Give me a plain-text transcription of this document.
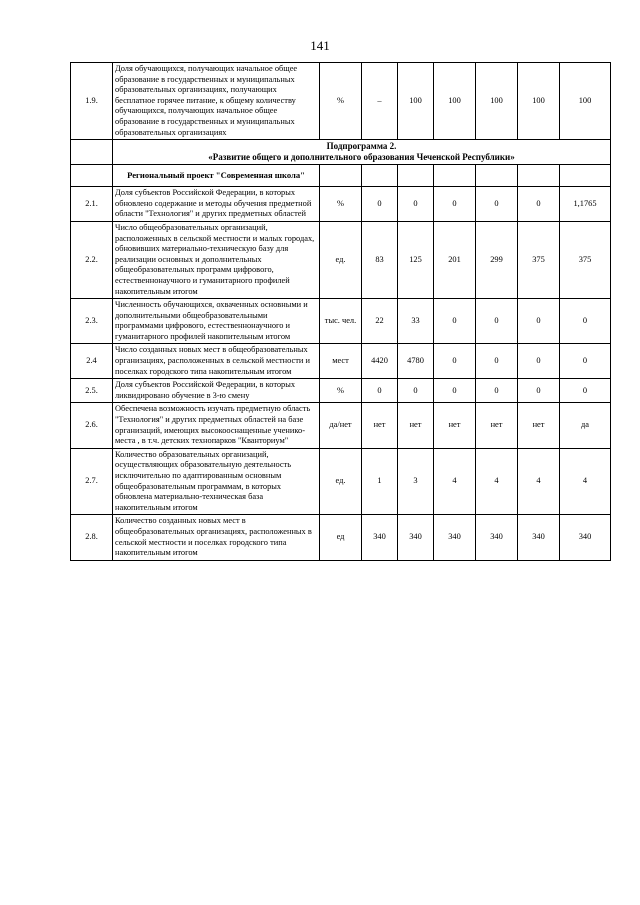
141
1.9.	Доля обучающихся, получающих начальное общее образование в государственных и муниципальных образовательных организациях, получающих бесплатное горячее питание, к общему количеству обучающихся, получающих начальное общее образование в государственных и муниципальных образовательных организациях	%	–	100	100	100	100	100

	Подпрограмма 2.
«Развитие общего и дополнительного образования Чеченской Республики»							

	Региональный проект "Современная школа"							
2.1.	Доля субъектов Российской Федерации, в которых обновлено содержание и методы обучения предметной области "Технология" и других предметных областей	%	0	0	0	0	0	1,1765
2.2.	Число общеобразовательных организаций, расположенных в сельской местности и малых городах, обновивших материально-техническую базу для реализации основных и дополнительных общеобразовательных программ цифрового, естественнонаучного и гуманитарного профилей накопительным итогом	ед.	83	125	201	299	375	375
2.3.	Численность обучающихся, охваченных основными и дополнительными общеобразовательными программами цифрового, естественнонаучного и гуманитарного профилей накопительным итогом	тыс. чел.	22	33	0	0	0	0
2.4	Число созданных новых мест в общеобразовательных организациях, расположенных в сельской местности и поселках городского типа накопительным итогом	мест	4420	4780	0	0	0	0
2.5.	Доля субъектов Российской Федерации, в которых ликвидировано обучение в 3-ю смену	%	0	0	0	0	0	0
2.6.	Обеспечена возможность изучать предметную область "Технология" и других предметных областей на базе организаций, имеющих высокооснащенные ученико-места , в т.ч. детских технопарков "Кванториум"	да/нет	нет	нет	нет	нет	нет	да
2.7.	Количество образовательных организаций, осуществляющих образовательную деятельность исключительно по адаптированным основным общеобразовательным программам, в которых обновлена материально-техническая база накопительным итогом	ед.	1	3	4	4	4	4
2.8.	Количество созданных новых мест в общеобразовательных организациях, расположенных в сельской местности и поселках городского типа накопительным итогом	ед	340	340	340	340	340	340
